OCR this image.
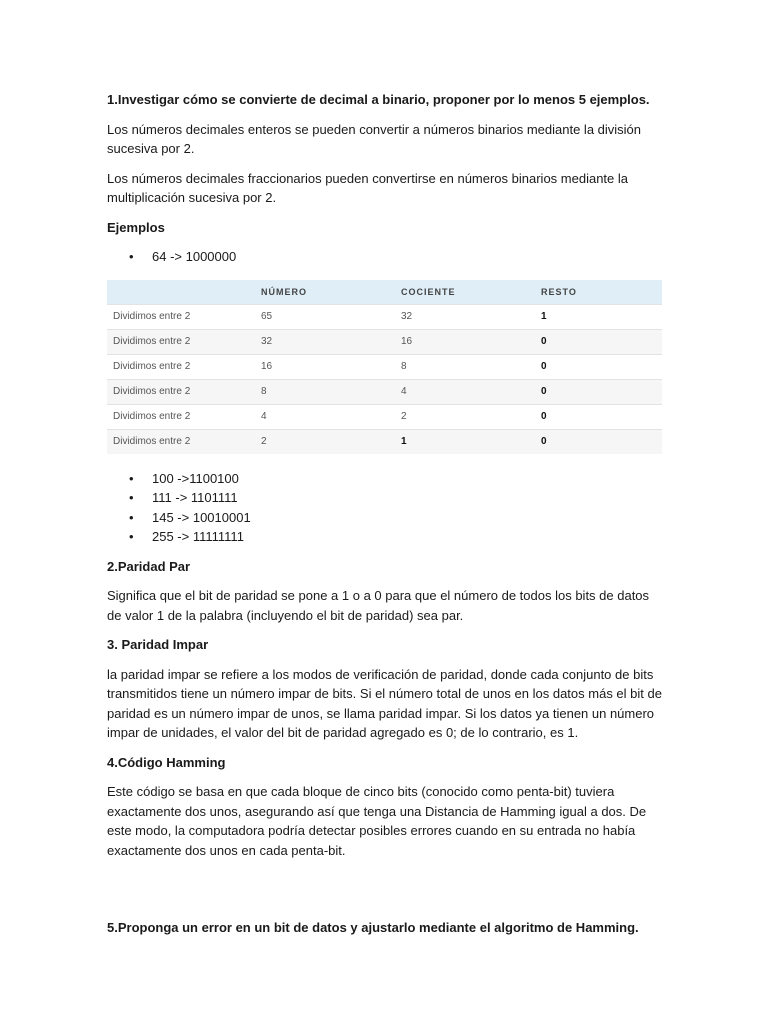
1.Investigar cómo se convierte de decimal a binario, proponer por lo menos 5 ejemplos.

Los números decimales enteros se pueden convertir a números binarios mediante la división sucesiva por 2.

Los números decimales fraccionarios pueden convertirse en números binarios mediante la multiplicación sucesiva por 2.

Ejemplos

• 64 -> 1000000
	NÚMERO	COCIENTE	RESTO
Dividimos entre 2	65	32	1
Dividimos entre 2	32	16	0
Dividimos entre 2	16	8	0
Dividimos entre 2	8	4	0
Dividimos entre 2	4	2	0
Dividimos entre 2	2	1	0
• 100 ->1100100
• 111 -> 1101111
• 145 -> 10010001
• 255 -> 11111111

2.Paridad Par

Significa que el bit de paridad se pone a 1 o a 0 para que el número de todos los bits de datos de valor 1 de la palabra (incluyendo el bit de paridad) sea par.

3. Paridad Impar

la paridad impar se refiere a los modos de verificación de paridad, donde cada conjunto de bits transmitidos tiene un número impar de bits. Si el número total de unos en los datos más el bit de paridad es un número impar de unos, se llama paridad impar. Si los datos ya tienen un número impar de unidades, el valor del bit de paridad agregado es 0; de lo contrario, es 1.

4.Código Hamming

Este código se basa en que cada bloque de cinco bits (conocido como penta-bit) tuviera exactamente dos unos, asegurando así que tenga una Distancia de Hamming igual a dos. De este modo, la computadora podría detectar posibles errores cuando en su entrada no había exactamente dos unos en cada penta-bit.

5.Proponga un error en un bit de datos y ajustarlo mediante el algoritmo de Hamming.
